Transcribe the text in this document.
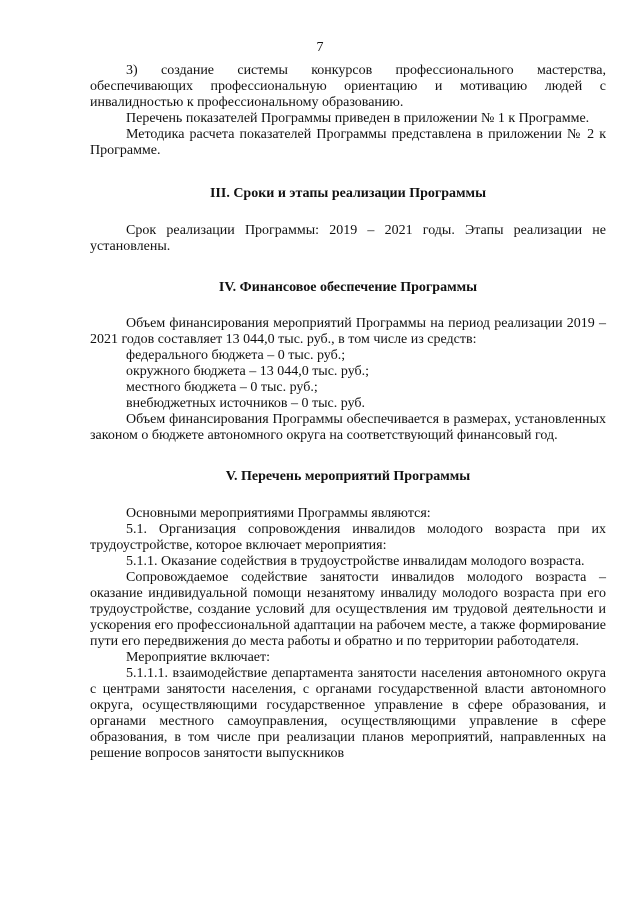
7

3) создание системы конкурсов профессионального мастерства, обеспечивающих профессиональную ориентацию и мотивацию людей с инвалидностью к профессиональному образованию.

Перечень показателей Программы приведен в приложении № 1 к Программе.

Методика расчета показателей Программы представлена в приложении № 2 к Программе.

III. Сроки и этапы реализации Программы

Срок реализации Программы: 2019 – 2021 годы. Этапы реализации не установлены.

IV. Финансовое обеспечение Программы

Объем финансирования мероприятий Программы на период реализации 2019 – 2021 годов составляет 13 044,0 тыс. руб., в том числе из средств:

федерального бюджета – 0 тыс. руб.;

окружного бюджета – 13 044,0 тыс. руб.;

местного бюджета – 0 тыс. руб.;

внебюджетных источников – 0 тыс. руб.

Объем финансирования Программы обеспечивается в размерах, установленных законом о бюджете автономного округа на соответствующий финансовый год.

V. Перечень мероприятий Программы

Основными мероприятиями Программы являются:

5.1. Организация сопровождения инвалидов молодого возраста при их трудоустройстве, которое включает мероприятия:

5.1.1. Оказание содействия в трудоустройстве инвалидам молодого возраста.

Сопровождаемое содействие занятости инвалидов молодого возраста – оказание индивидуальной помощи незанятому инвалиду молодого возраста при его трудоустройстве, создание условий для осуществления им трудовой деятельности и ускорения его профессиональной адаптации на рабочем месте, а также формирование пути его передвижения до места работы и обратно и по территории работодателя.

Мероприятие включает:

5.1.1.1. взаимодействие департамента занятости населения автономного округа с центрами занятости населения, с органами государственной власти автономного округа, осуществляющими государственное управление в сфере образования, и органами местного самоуправления, осуществляющими управление в сфере образования, в том числе при реализации планов мероприятий, направленных на решение вопросов занятости выпускников
